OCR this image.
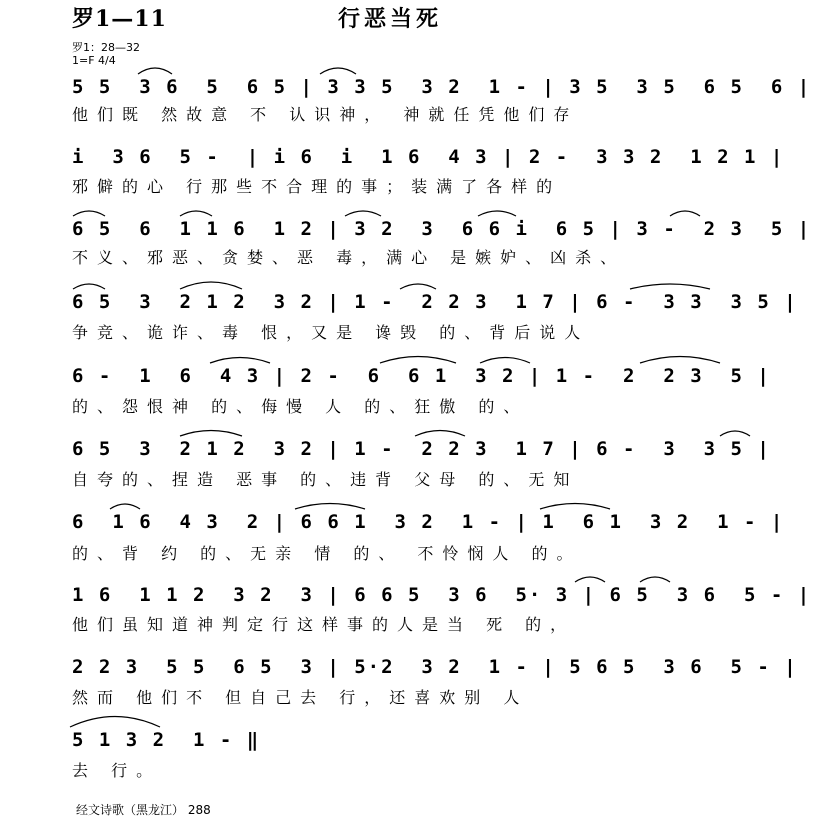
罗1—11	行恶当死
罗1：28—32
1=F 4/4
5 5  3 6  5  6 5 | 3 3 5  3 2  1 - | 3 5  3 5  6 5  6 |
他们既 然故意 不 认识神， 神就任凭他们存
i  3 6  5 -  | i 6  i  1 6  4 3 | 2 -  3 3 2  1 2 1 |
邪僻的心 行那些不合理的事；装满了各样的
6 5  6  1 1 6  1 2 | 3 2  3  6 6 i  6 5 | 3 -  2 3  5 |
不义、邪恶、贪婪、恶 毒，满心 是嫉妒、凶杀、
6 5  3  2 1 2  3 2 | 1 -  2 2 3  1 7 | 6 -  3 3  3 5 |
争竞、诡诈、毒 恨，又是 谗毁 的、背后说人
6 -  1  6  4 3 | 2 -  6  6 1  3 2 | 1 -  2  2 3  5 |
的、怨恨神 的、侮慢 人 的、狂傲 的、
6 5  3  2 1 2  3 2 | 1 -  2 2 3  1 7 | 6 -  3  3 5 |
自夸的、捏造 恶事 的、违背 父母 的、无知
6  1 6  4 3  2 | 6 6 1  3 2  1 - | 1  6 1  3 2  1 - |
的、背 约 的、无亲 情 的、 不怜悯人 的。
1 6  1 1 2  3 2  3 | 6 6 5  3 6  5· 3 | 6 5  3 6  5 - |
他们虽知道神判定行这样事的人是当 死 的，
2 2 3  5 5  6 5  3 | 5·2  3 2  1 - | 5 6 5  3 6  5 - |
然而 他们不 但自己去 行，还喜欢别 人
5 1 3 2  1 - ‖
去 行。
经文诗歌（黑龙江） 288
